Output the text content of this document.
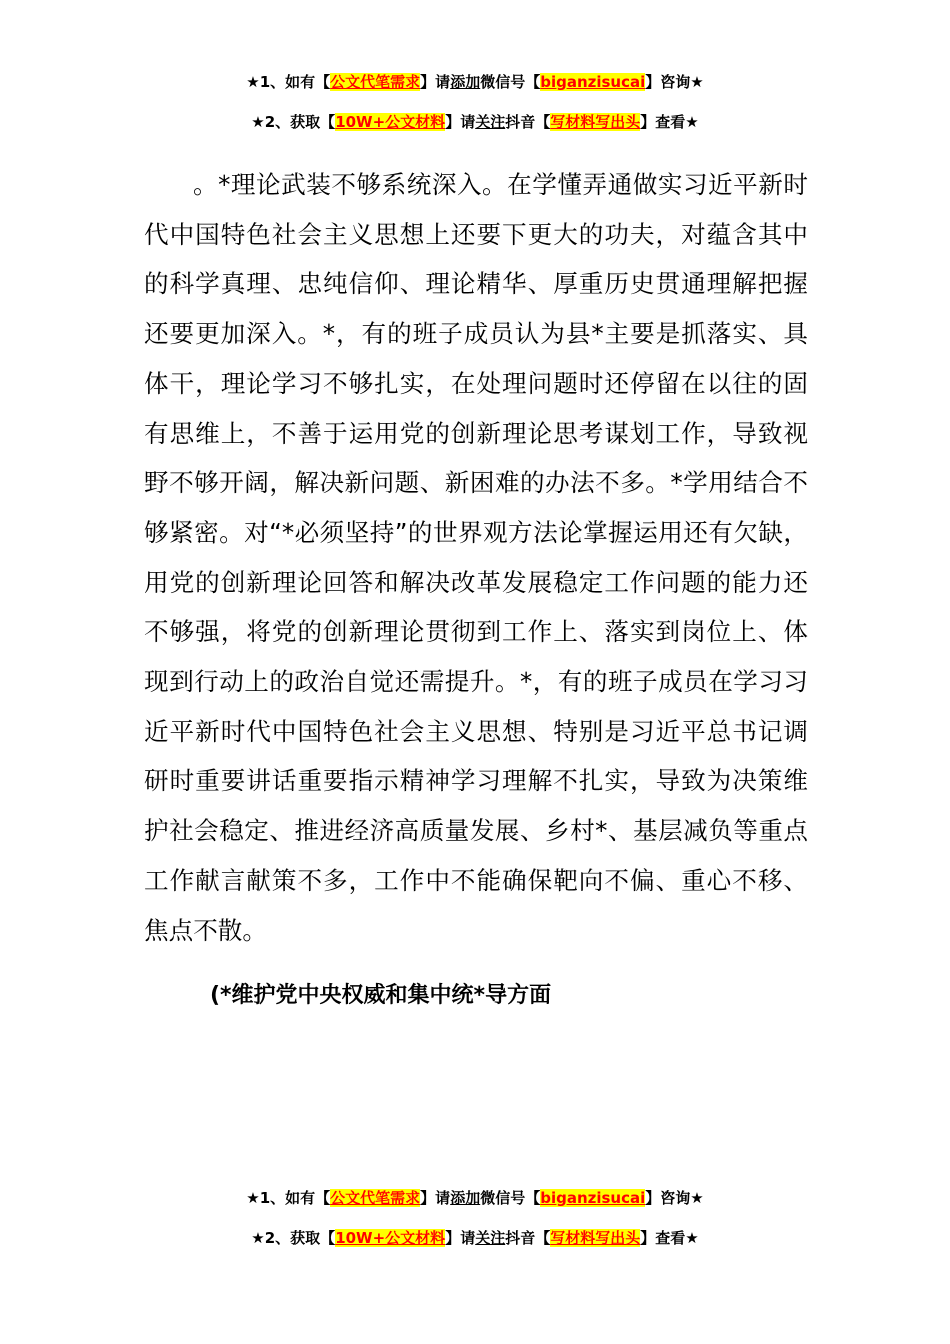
★1、如有【公文代笔需求】请添加微信号【biganzisucai】咨询★
★2、获取【10W+公文材料】请关注抖音【写材料写出头】查看★

。*理论武装不够系统深入。在学懂弄通做实习近平新时代中国特色社会主义思想上还要下更大的功夫，对蕴含其中的科学真理、忠纯信仰、理论精华、厚重历史贯通理解把握还要更加深入。*，有的班子成员认为县*主要是抓落实、具体干，理论学习不够扎实，在处理问题时还停留在以往的固有思维上，不善于运用党的创新理论思考谋划工作，导致视野不够开阔，解决新问题、新困难的办法不多。*学用结合不够紧密。对“*必须坚持”的世界观方法论掌握运用还有欠缺，用党的创新理论回答和解决改革发展稳定工作问题的能力还不够强，将党的创新理论贯彻到工作上、落实到岗位上、体现到行动上的政治自觉还需提升。*，有的班子成员在学习习近平新时代中国特色社会主义思想、特别是习近平总书记调研时重要讲话重要指示精神学习理解不扎实，导致为决策维护社会稳定、推进经济高质量发展、乡村*、基层减负等重点工作献言献策不多，工作中不能确保靶向不偏、重心不移、焦点不散。

(*维护党中央权威和集中统*导方面
★1、如有【公文代笔需求】请添加微信号【biganzisucai】咨询★
★2、获取【10W+公文材料】请关注抖音【写材料写出头】查看★
